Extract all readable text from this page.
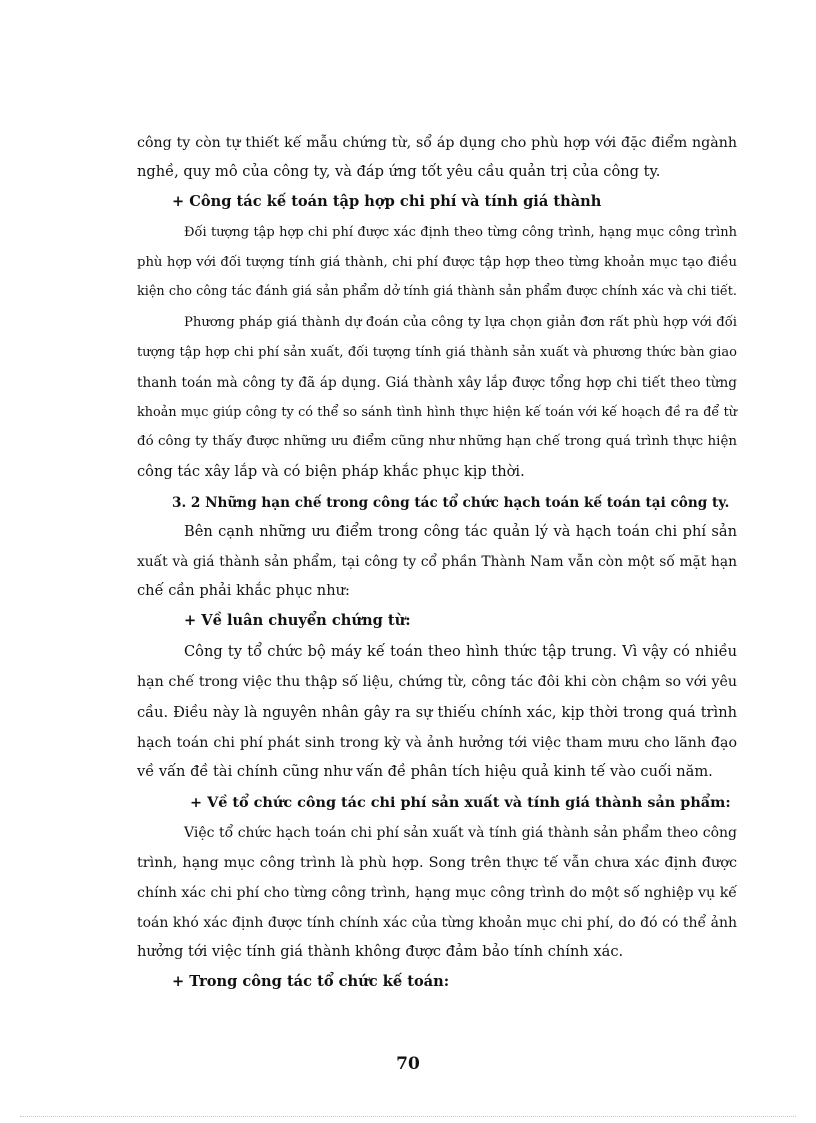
công ty còn tự thiết kế mẫu chứng từ, sổ áp dụng cho phù hợp với đặc điểm ngành
nghề, quy mô của công ty, và đáp ứng tốt yêu cầu quản trị của công ty.
+ Công tác kế toán tập hợp chi phí và tính giá thành
Đối tượng tập hợp chi phí được xác định theo từng công trình, hạng mục công trình
phù hợp với đối tượng tính giá thành, chi phí được tập hợp theo từng khoản mục tạo điều
kiện cho công tác đánh giá sản phẩm dở tính giá thành sản phẩm được chính xác và chi tiết.
Phương pháp giá thành dự đoán của công ty lựa chọn giản đơn rất phù hợp với đối
tượng tập hợp chi phí sản xuất, đối tượng tính giá thành sản xuất và phương thức bàn giao
thanh toán mà công ty đã áp dụng. Giá thành xây lắp được tổng hợp chi tiết theo từng
khoản mục giúp công ty có thể so sánh tình hình thực hiện kế toán với kế hoạch đề ra để từ
đó công ty thấy được những ưu điểm cũng như những hạn chế trong quá trình thực hiện
công tác xây lắp và có biện pháp khắc phục kịp thời.
3. 2 Những hạn chế trong công tác tổ chức hạch toán kế toán tại công ty.
Bên cạnh những ưu điểm trong công tác quản lý và hạch toán chi phí sản
xuất và giá thành sản phẩm, tại công ty cổ phần Thành Nam vẫn còn một số mặt hạn
chế cần phải khắc phục như:
+ Về luân chuyển chứng từ:
Công ty tổ chức bộ máy kế toán theo hình thức tập trung. Vì vậy có nhiều
hạn chế trong việc thu thập số liệu, chứng từ, công tác đôi khi còn chậm so với yêu
cầu. Điều này là nguyên nhân gây ra sự thiếu chính xác, kịp thời trong quá trình
hạch toán chi phí phát sinh trong kỳ và ảnh hưởng tới việc tham mưu cho lãnh đạo
về vấn đề tài chính cũng như vấn đề phân tích hiệu quả kinh tế vào cuối năm.
+ Về tổ chức công tác chi phí sản xuất và tính giá thành sản phẩm:
Việc tổ chức hạch toán chi phí sản xuất và tính giá thành sản phẩm theo công
trình, hạng mục công trình là phù hợp. Song trên thực tế vẫn chưa xác định được
chính xác chi phí cho từng công trình, hạng mục công trình do một số nghiệp vụ kế
toán khó xác định được tính chính xác của từng khoản mục chi phí, do đó có thể ảnh
hưởng tới việc tính giá thành không được đảm bảo tính chính xác.
+ Trong công tác tổ chức kế toán:
70
